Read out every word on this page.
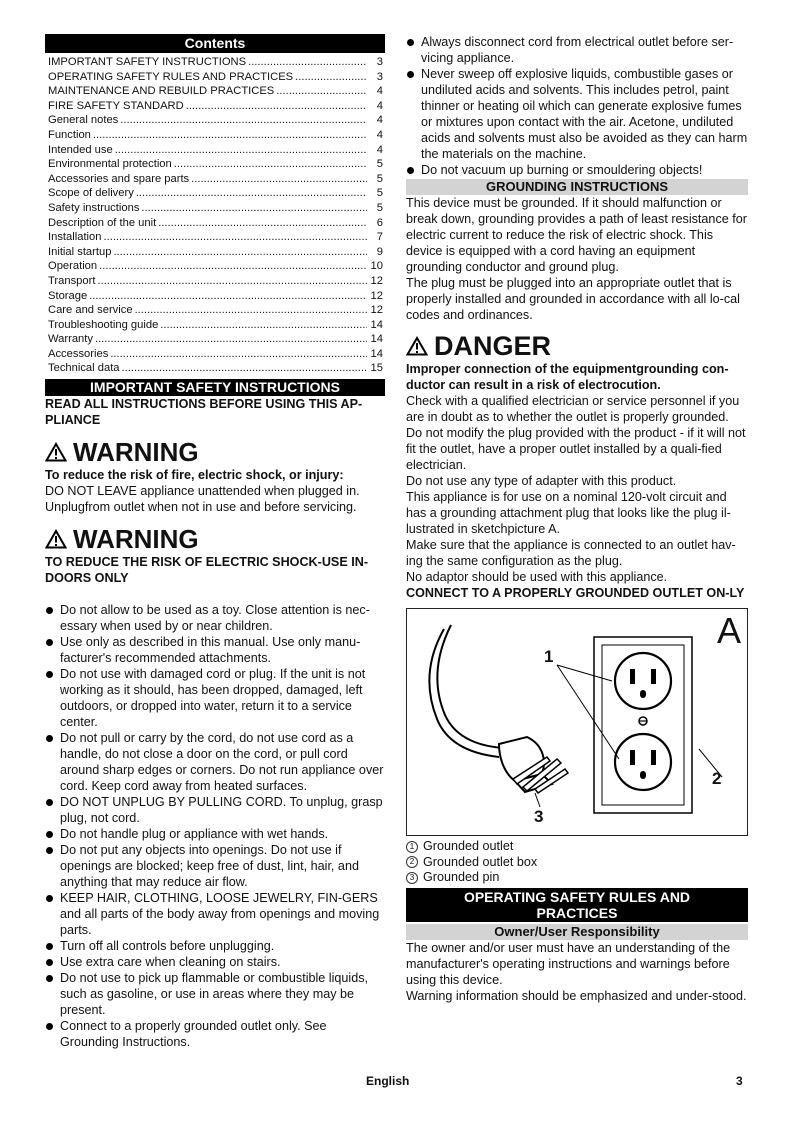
Contents
IMPORTANT SAFETY INSTRUCTIONS .....	3
OPERATING SAFETY RULES AND PRACTICES .....	3
MAINTENANCE AND REBUILD PRACTICES .....	4
FIRE SAFETY STANDARD .....	4
General notes .....	4
Function .....	4
Intended use .....	4
Environmental protection .....	5
Accessories and spare parts .....	5
Scope of delivery .....	5
Safety instructions .....	5
Description of the unit .....	6
Installation .....	7
Initial startup .....	9
Operation .....	10
Transport .....	12
Storage .....	12
Care and service .....	12
Troubleshooting guide .....	14
Warranty .....	14
Accessories .....	14
Technical data .....	15
IMPORTANT SAFETY INSTRUCTIONS

READ ALL INSTRUCTIONS BEFORE USING THIS AP-PLIANCE

WARNING

To reduce the risk of fire, electric shock, or injury:

DO NOT LEAVE appliance unattended when plugged in. Unplugfrom outlet when not in use and before servicing.

WARNING

TO REDUCE THE RISK OF ELECTRIC SHOCK-USE IN-DOORS ONLY

Do not allow to be used as a toy. Close attention is nec-essary when used by or near children.
Use only as described in this manual. Use only manu-facturer's recommended attachments.
Do not use with damaged cord or plug. If the unit is not working as it should, has been dropped, damaged, left outdoors, or dropped into water, return it to a service center.
Do not pull or carry by the cord, do not use cord as a handle, do not close a door on the cord, or pull cord around sharp edges or corners. Do not run appliance over cord. Keep cord away from heated surfaces.
DO NOT UNPLUG BY PULLING CORD. To unplug, grasp plug, not cord.
Do not handle plug or appliance with wet hands.
Do not put any objects into openings. Do not use if openings are blocked; keep free of dust, lint, hair, and anything that may reduce air flow.
KEEP HAIR, CLOTHING, LOOSE JEWELRY, FIN-GERS and all parts of the body away from openings and moving parts.
Turn off all controls before unplugging.
Use extra care when cleaning on stairs.
Do not use to pick up flammable or combustible liquids, such as gasoline, or use in areas where they may be present.
Connect to a properly grounded outlet only. See Grounding Instructions.
Always disconnect cord from electrical outlet before ser-vicing appliance.
Never sweep off explosive liquids, combustible gases or undiluted acids and solvents. This includes petrol, paint thinner or heating oil which can generate explosive fumes or mixtures upon contact with the air. Acetone, undiluted acids and solvents must also be avoided as they can harm the materials on the machine.
Do not vacuum up burning or smouldering objects!
GROUNDING INSTRUCTIONS

This device must be grounded. If it should malfunction or break down, grounding provides a path of least resistance for electric current to reduce the risk of electric shock. This device is equipped with a cord having an equipment grounding conductor and ground plug.

The plug must be plugged into an appropriate outlet that is properly installed and grounded in accordance with all lo-cal codes and ordinances.

DANGER

Improper connection of the equipmentgrounding con-ductor can result in a risk of electrocution.

Check with a qualified electrician or service personnel if you are in doubt as to whether the outlet is properly grounded.

Do not modify the plug provided with the product - if it will not fit the outlet, have a proper outlet installed by a quali-fied electrician.

Do not use any type of adapter with this product.

This appliance is for use on a nominal 120-volt circuit and has a grounding attachment plug that looks like the plug il-lustrated in sketchpicture A.

Make sure that the appliance is connected to an outlet hav-ing the same configuration as the plug.

No adaptor should be used with this appliance.

CONNECT TO A PROPERLY GROUNDED OUTLET ON-LY

A
1
2
3
1 Grounded outlet
2 Grounded outlet box
3 Grounded pin
OPERATING SAFETY RULES AND PRACTICES
Owner/User Responsibility

The owner and/or user must have an understanding of the manufacturer's operating instructions and warnings before using this device.

Warning information should be emphasized and under-stood.

English	3
